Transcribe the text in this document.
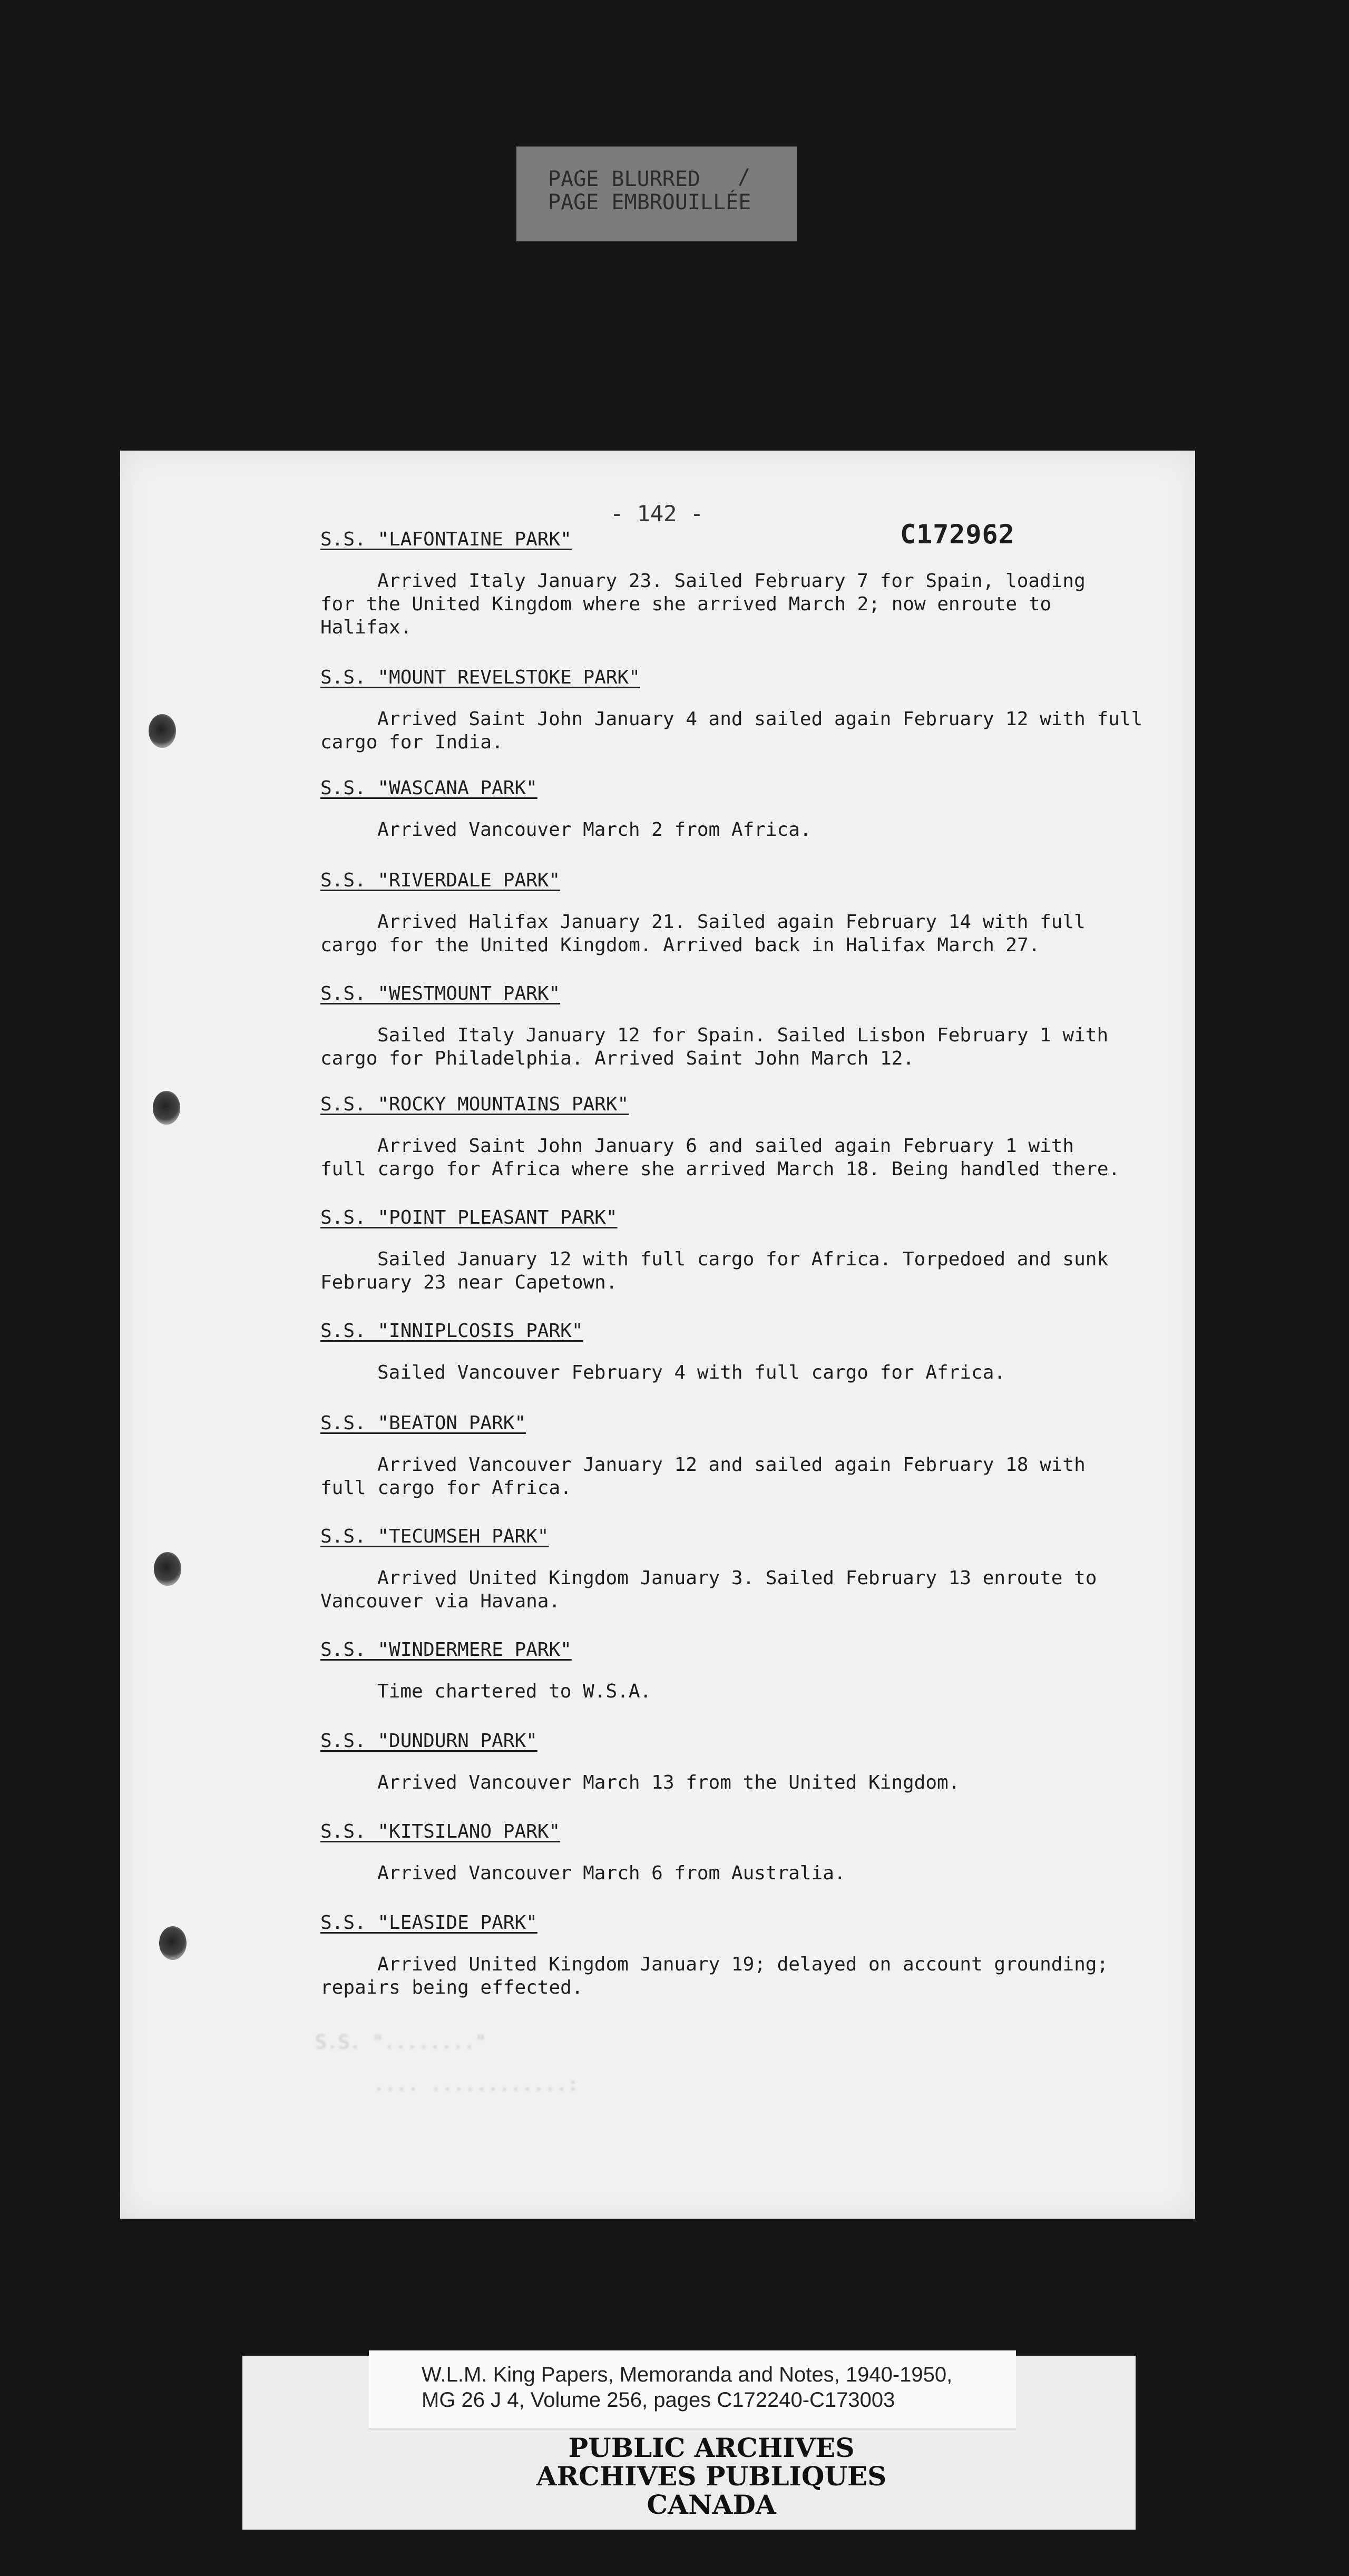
PAGE BLURRED
PAGE EMBROUILLÉE
/
- 142 -
C172962
S.S. "LAFONTAINE PARK"
Arrived Italy January 23. Sailed February 7 for Spain, loading
for the United Kingdom where she arrived March 2; now enroute to
Halifax.
S.S. "MOUNT REVELSTOKE PARK"
Arrived Saint John January 4 and sailed again February 12 with full
cargo for India.
S.S. "WASCANA PARK"
Arrived Vancouver March 2 from Africa.
S.S. "RIVERDALE PARK"
Arrived Halifax January 21. Sailed again February 14 with full
cargo for the United Kingdom. Arrived back in Halifax March 27.
S.S. "WESTMOUNT PARK"
Sailed Italy January 12 for Spain. Sailed Lisbon February 1 with
cargo for Philadelphia. Arrived Saint John March 12.
S.S. "ROCKY MOUNTAINS PARK"
Arrived Saint John January 6 and sailed again February 1 with
full cargo for Africa where she arrived March 18. Being handled there.
S.S. "POINT PLEASANT PARK"
Sailed January 12 with full cargo for Africa. Torpedoed and sunk
February 23 near Capetown.
S.S. "INNIPLCOSIS PARK"
Sailed Vancouver February 4 with full cargo for Africa.
S.S. "BEATON PARK"
Arrived Vancouver January 12 and sailed again February 18 with
full cargo for Africa.
S.S. "TECUMSEH PARK"
Arrived United Kingdom January 3. Sailed February 13 enroute to
Vancouver via Havana.
S.S. "WINDERMERE PARK"
Time chartered to W.S.A.
S.S. "DUNDURN PARK"
Arrived Vancouver March 13 from the United Kingdom.
S.S. "KITSILANO PARK"
Arrived Vancouver March 6 from Australia.
S.S. "LEASIDE PARK"
Arrived United Kingdom January 19; delayed on account grounding;
repairs being effected.
S.S. "........"
.... ............:
W.L.M. King Papers, Memoranda and Notes, 1940-1950,
MG 26 J 4, Volume 256, pages C172240-C173003
PUBLIC ARCHIVES
ARCHIVES PUBLIQUES
CANADA
